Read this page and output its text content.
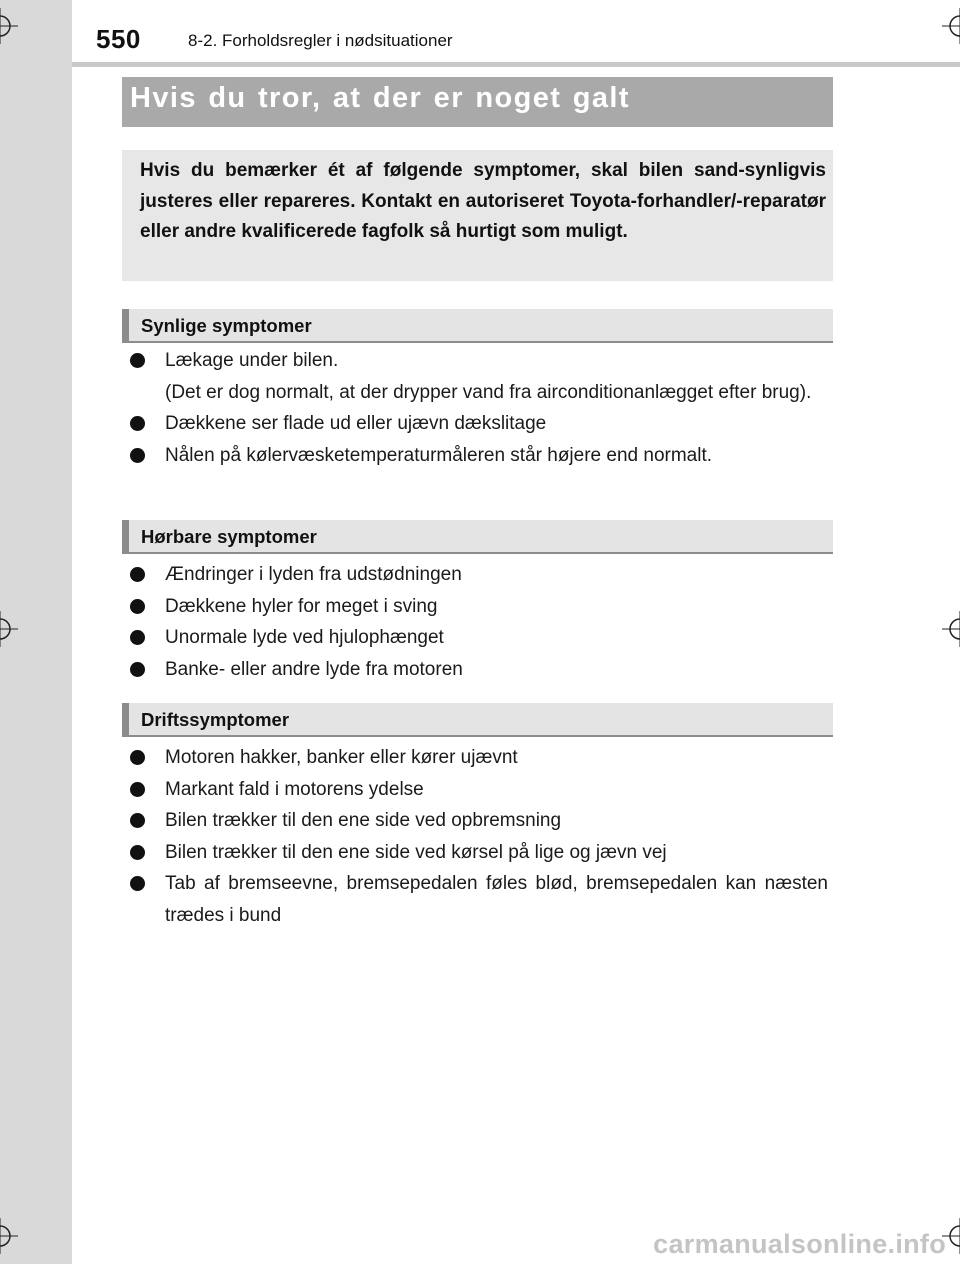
550	8-2. Forholdsregler i nødsituationer
Hvis du tror, at der er noget galt
Hvis du bemærker ét af følgende symptomer, skal bilen sand-synligvis justeres eller repareres. Kontakt en autoriseret Toyota-forhandler/-reparatør eller andre kvalificerede fagfolk så hurtigt som muligt.
Synlige symptomer
Lækage under bilen.
(Det er dog normalt, at der drypper vand fra airconditionanlægget efter brug).
Dækkene ser flade ud eller ujævn dækslitage
Nålen på kølervæsketemperaturmåleren står højere end normalt.
Hørbare symptomer
Ændringer i lyden fra udstødningen
Dækkene hyler for meget i sving
Unormale lyde ved hjulophænget
Banke- eller andre lyde fra motoren
Driftssymptomer
Motoren hakker, banker eller kører ujævnt
Markant fald i motorens ydelse
Bilen trækker til den ene side ved opbremsning
Bilen trækker til den ene side ved kørsel på lige og jævn vej
Tab af bremseevne, bremsepedalen føles blød, bremsepedalen kan næsten trædes i bund
carmanualsonline.info
